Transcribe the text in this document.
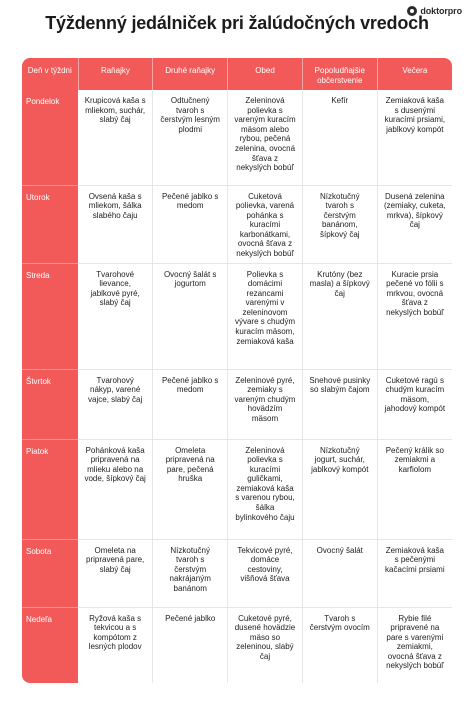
doktorpro
Týždenný jedálniček pri žalúdočných vredoch
Deň v týždni	Raňajky	Druhé raňajky	Obed	Popoludňajšie občerstvenie	Večera
Pondelok	Krupicová kaša s mliekom, suchár, slabý čaj	Odtučnený tvaroh s čerstvým lesným plodmi	Zeleninová polievka s vareným kuracím mäsom alebo rybou, pečená zelenina, ovocná šťava z nekyslých bobúľ	Kefír	Zemiaková kaša s dusenými kuracími prsiami, jablkový kompót
Utorok	Ovsená kaša s mliekom, šálka slabého čaju	Pečené jablko s medom	Cuketová polievka, varená pohánka s kuracími karbonátkami, ovocná šťava z nekyslých bobúľ	Nízkotučný tvaroh s čerstvým banánom, šípkový čaj	Dusená zelenina (zemiaky, cuketa, mrkva), šípkový čaj
Streda	Tvarohové lievance, jablkové pyré, slabý čaj	Ovocný šalát s jogurtom	Polievka s domácimi rezancami varenými v zeleninovom vývare s chudým kuracím mäsom, zemiaková kaša	Krutóny (bez masla) a šípkový čaj	Kuracie prsia pečené vo fólii s mrkvou, ovocná šťava z nekyslých bobúľ
Štvrtok	Tvarohový nákyp, varené vajce, slabý čaj	Pečené jablko s medom	Zeleninové pyré, zemiaky s vareným chudým hovädzím mäsom	Snehové pusinky so slabým čajom	Cuketové ragú s chudým kuracím mäsom, jahodový kompót
Piatok	Pohánková kaša pripravená na mlieku alebo na vode, šípkový čaj	Omeleta pripravená na pare, pečená hruška	Zeleninová polievka s kuracími guličkami, zemiaková kaša s varenou rybou, šálka bylinkového čaju	Nízkotučný jogurt, suchár, jablkový kompót	Pečený králik so zemiakmi a karfiolom
Sobota	Omeleta na pripravená pare, slabý čaj	Nízkotučný tvaroh s čerstvým nakrájaným banánom	Tekvicové pyré, domáce cestoviny, višňová šťava	Ovocný šalát	Zemiaková kaša s pečenými kačacími prsiami
Nedeľa	Ryžová kaša s tekvicou a s kompótom z lesných plodov	Pečené jablko	Cuketové pyré, dusené hovädzie mäso so zeleninou, slabý čaj	Tvaroh s čerstvým ovocím	Rybie filé pripravené na pare s varenými zemiakmi, ovocná šťava z nekyslých bobúľ
